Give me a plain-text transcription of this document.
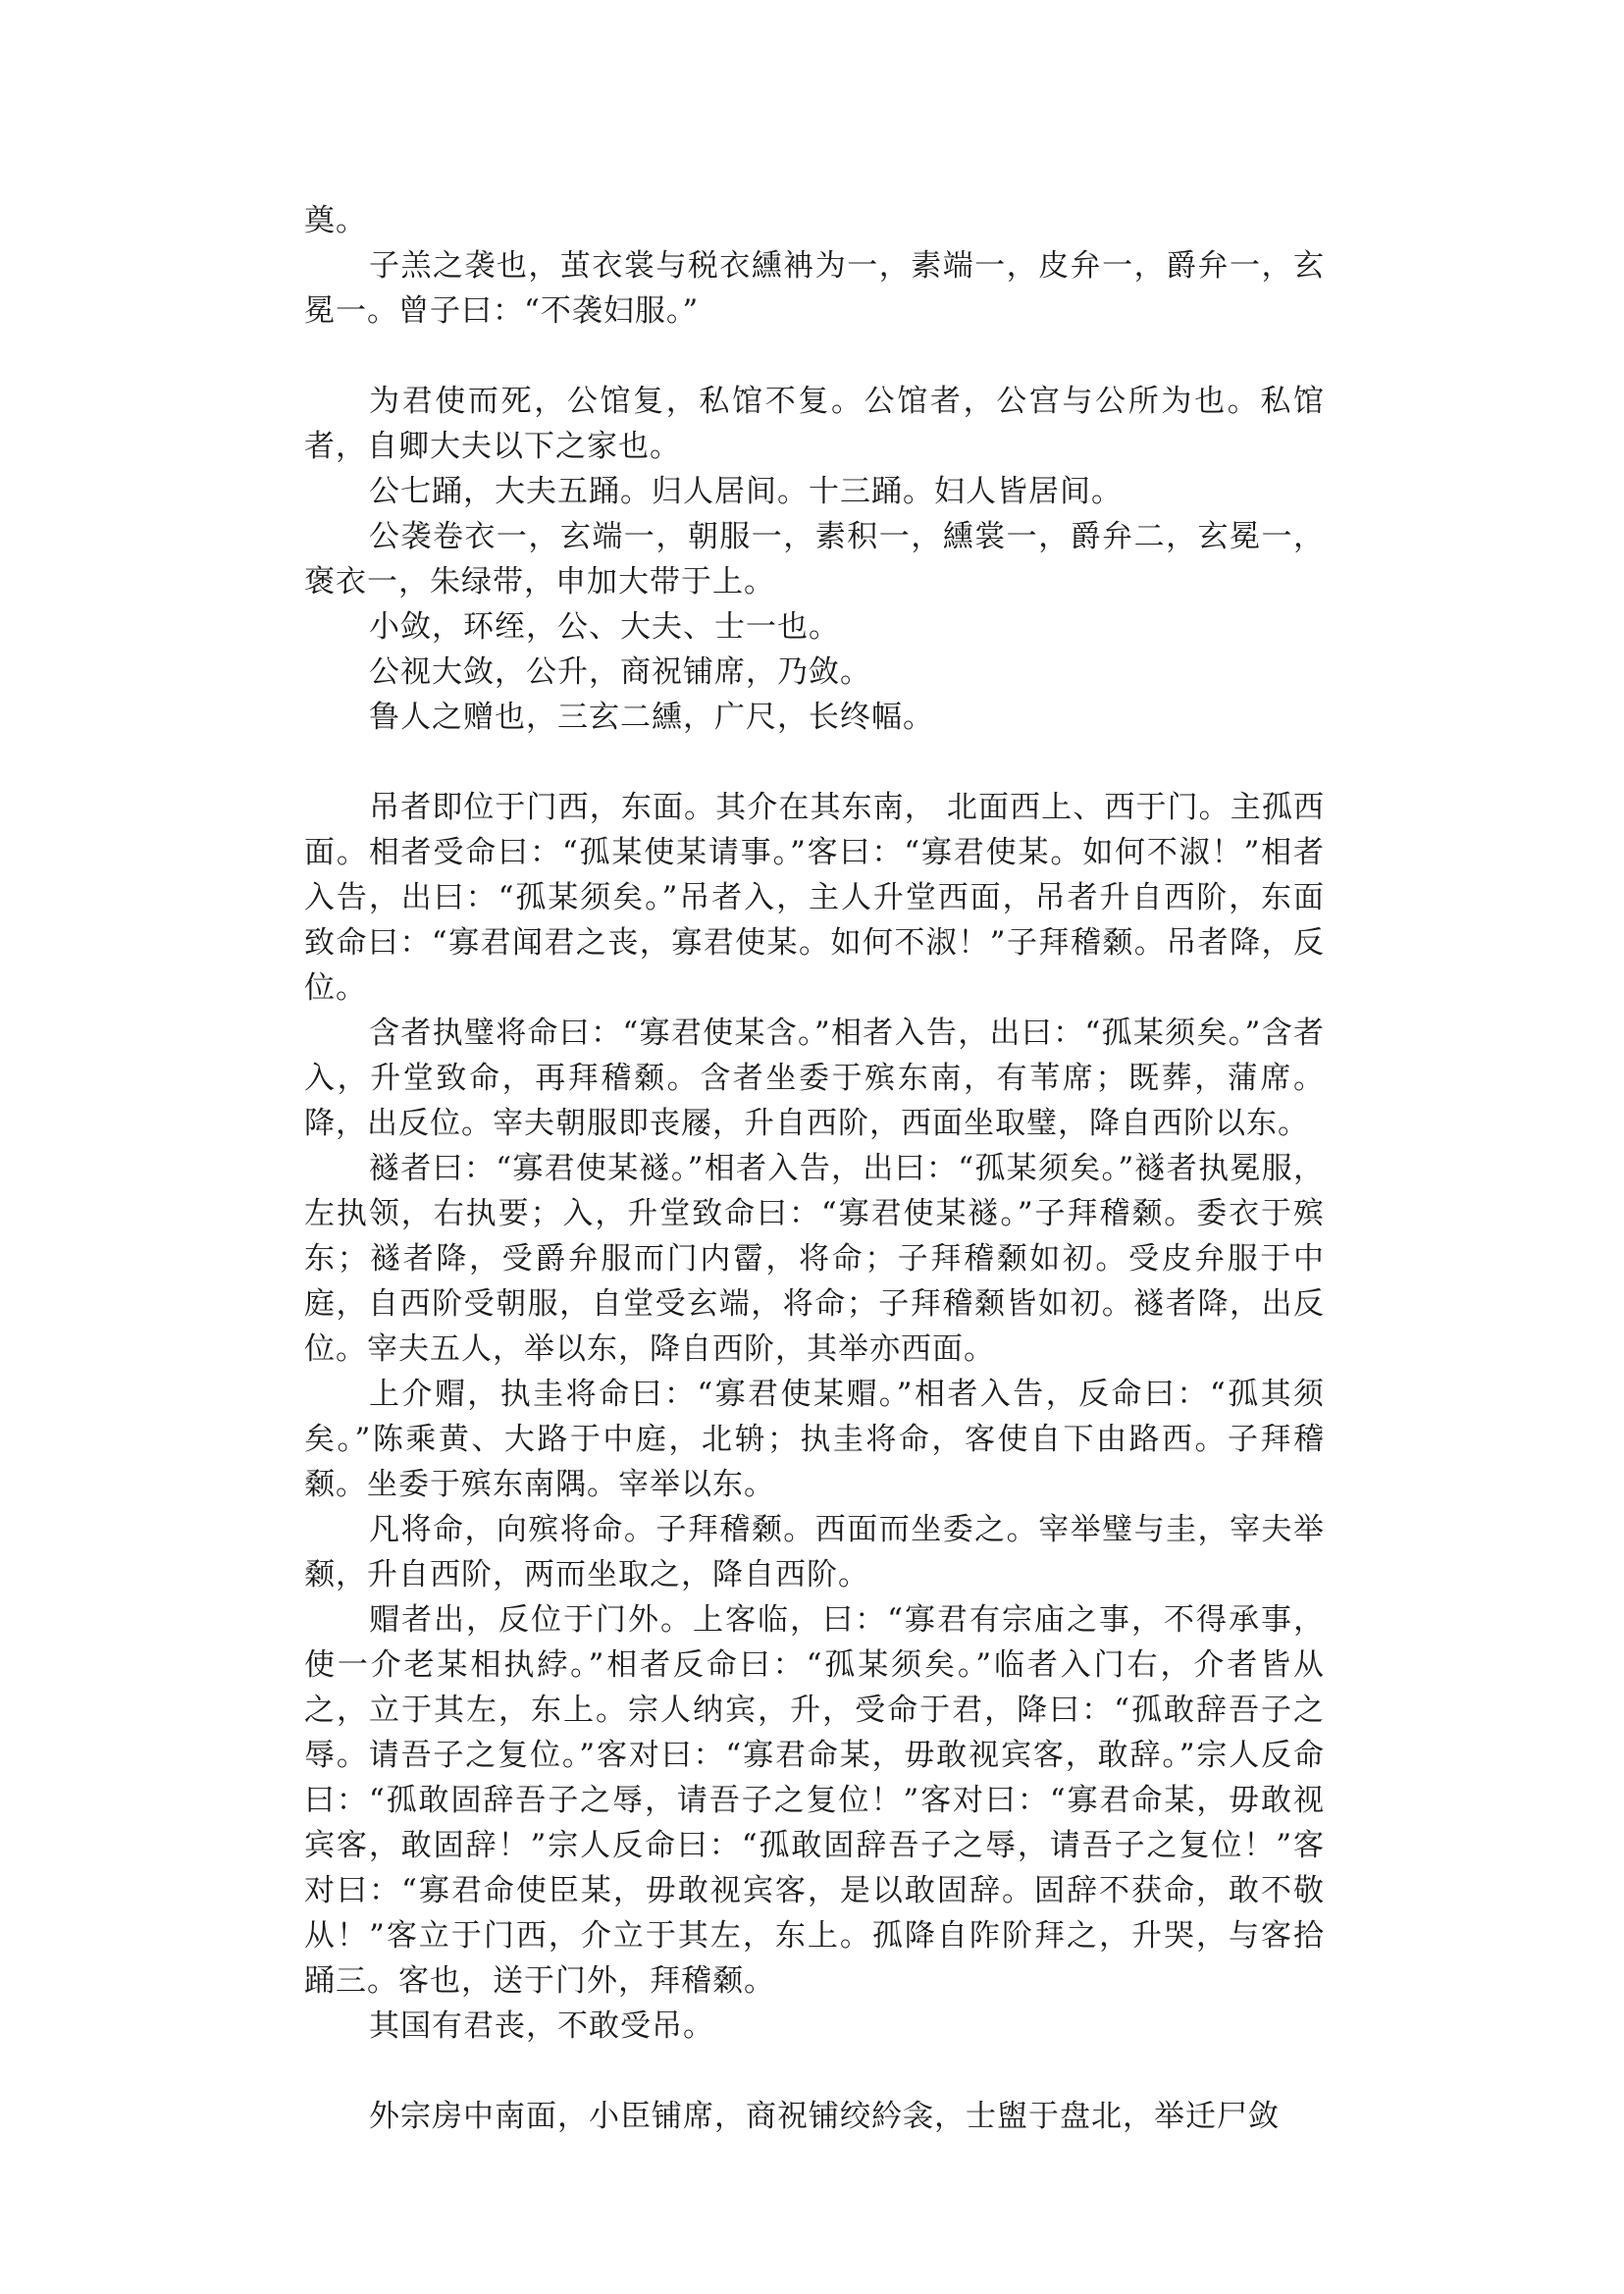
奠。

子羔之袭也，茧衣裳与税衣纁袡为一，素端一，皮弁一，爵弁一，玄冕一。曾子曰：“不袭妇服。”

为君使而死，公馆复，私馆不复。公馆者，公宫与公所为也。私馆者，自卿大夫以下之家也。

公七踊，大夫五踊。归人居间。十三踊。妇人皆居间。

公袭卷衣一，玄端一，朝服一，素积一，纁裳一，爵弁二，玄冕一，褒衣一，朱绿带，申加大带于上。

小敛，环绖，公、大夫、士一也。

公视大敛，公升，商祝铺席，乃敛。

鲁人之赠也，三玄二纁，广尺，长终幅。

吊者即位于门西，东面。其介在其东南， 北面西上、西于门。主孤西面。相者受命曰：“孤某使某请事。”客曰：“寡君使某。如何不淑！”相者入告，出曰：“孤某须矣。”吊者入，主人升堂西面，吊者升自西阶，东面致命曰：“寡君闻君之丧，寡君使某。如何不淑！”子拜稽颡。吊者降，反位。

含者执璧将命曰：“寡君使某含。”相者入告，出曰：“孤某须矣。”含者入，升堂致命，再拜稽颡。含者坐委于殡东南，有苇席；既葬，蒲席。降，出反位。宰夫朝服即丧屦，升自西阶，西面坐取璧，降自西阶以东。

襚者曰：“寡君使某襚。”相者入告，出曰：“孤某须矣。”襚者执冕服，左执领，右执要；入，升堂致命曰：“寡君使某襚。”子拜稽颡。委衣于殡东；襚者降，受爵弁服而门内霤，将命；子拜稽颡如初。受皮弁服于中庭，自西阶受朝服，自堂受玄端，将命；子拜稽颡皆如初。襚者降，出反位。宰夫五人，举以东，降自西阶，其举亦西面。

上介赗，执圭将命曰：“寡君使某赗。”相者入告，反命曰：“孤其须矣。”陈乘黄、大路于中庭，北辀；执圭将命，客使自下由路西。子拜稽颡。坐委于殡东南隅。宰举以东。

凡将命，向殡将命。子拜稽颡。西面而坐委之。宰举璧与圭，宰夫举颡，升自西阶，两而坐取之，降自西阶。

赗者出，反位于门外。上客临，曰：“寡君有宗庙之事，不得承事，使一介老某相执綍。”相者反命曰：“孤某须矣。”临者入门右，介者皆从之，立于其左，东上。宗人纳宾，升，受命于君，降曰：“孤敢辞吾子之辱。请吾子之复位。”客对曰：“寡君命某，毋敢视宾客，敢辞。”宗人反命曰：“孤敢固辞吾子之辱，请吾子之复位！”客对曰：“寡君命某，毋敢视宾客，敢固辞！”宗人反命曰：“孤敢固辞吾子之辱，请吾子之复位！”客对曰：“寡君命使臣某，毋敢视宾客，是以敢固辞。固辞不获命，敢不敬从！”客立于门西，介立于其左，东上。孤降自阼阶拜之，升哭，与客拾踊三。客也，送于门外，拜稽颡。

其国有君丧，不敢受吊。

外宗房中南面，小臣铺席，商祝铺绞紟衾，士盥于盘北，举迁尸敛
